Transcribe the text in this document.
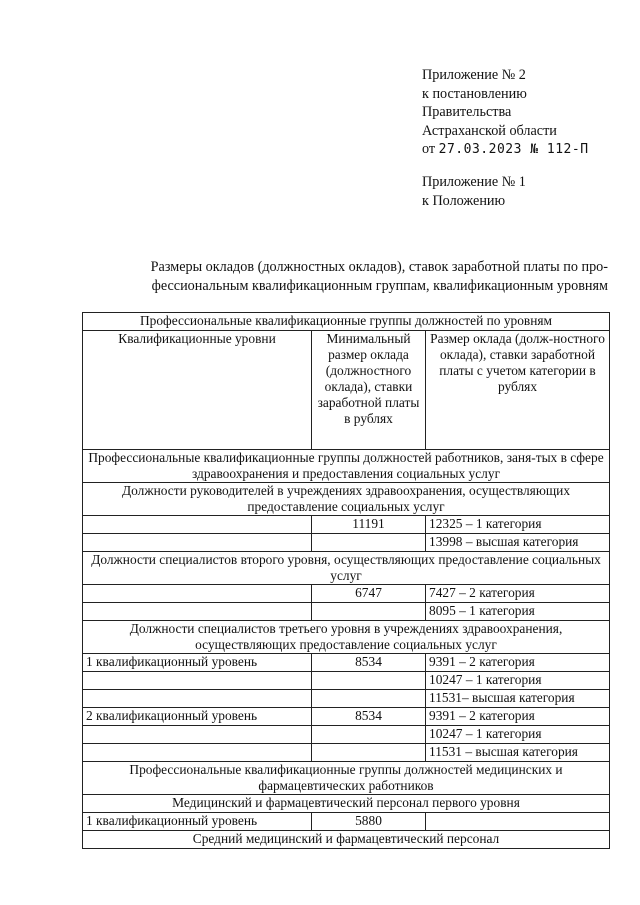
Приложение № 2
к постановлению
Правительства
Астраханской области
от 27.03.2023 № 112-П
Приложение № 1
к Положению
Размеры окладов (должностных окладов), ставок заработной платы по про-
фессиональным квалификационным группам, квалификационным уровням
Профессиональные квалификационные группы должностей по уровням		
Квалификационные уровни	Минимальный размер оклада (должностного оклада), ставки заработной платы в рублях	Размер оклада (долж-ностного оклада), ставки заработной платы с учетом категории в рублях
Профессиональные квалификационные группы должностей работников, заня-тых в сфере здравоохранения и предоставления социальных услуг		
Должности руководителей в учреждениях здравоохранения, осуществляющих предоставление социальных услуг		
	11191	12325 – 1 категория
		13998 – высшая категория
Должности специалистов второго уровня, осуществляющих предоставление социальных услуг		
	6747	7427 – 2 категория
		8095 – 1 категория
Должности специалистов третьего уровня в учреждениях здравоохранения, осуществляющих предоставление социальных услуг		
1 квалификационный уровень	8534	9391 – 2 категория
		10247 – 1 категория
		11531– высшая категория
2 квалификационный уровень	8534	9391 – 2 категория
		10247 – 1 категория
		11531 – высшая категория
Профессиональные квалификационные группы должностей медицинских и фармацевтических работников		
Медицинский и фармацевтический персонал первого уровня		
1 квалификационный уровень	5880	
Средний медицинский и фармацевтический персонал		
